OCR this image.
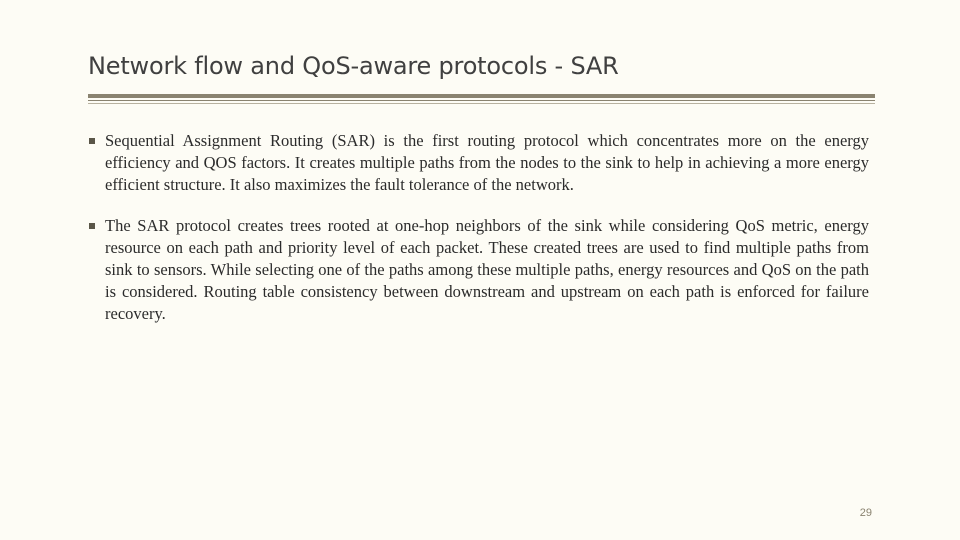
Network flow and QoS-aware protocols - SAR
Sequential Assignment Routing (SAR) is the first routing protocol which concentrates more on the energy efficiency and QOS factors. It creates multiple paths from the nodes to the sink to help in achieving a more energy efficient structure. It also maximizes the fault tolerance of the network.
The SAR protocol creates trees rooted at one-hop neighbors of the sink while considering QoS metric, energy resource on each path and priority level of each packet. These created trees are used to find multiple paths from sink to sensors. While selecting one of the paths among these multiple paths, energy resources and QoS on the path is considered. Routing table consistency between downstream and upstream on each path is enforced for failure recovery.
29
